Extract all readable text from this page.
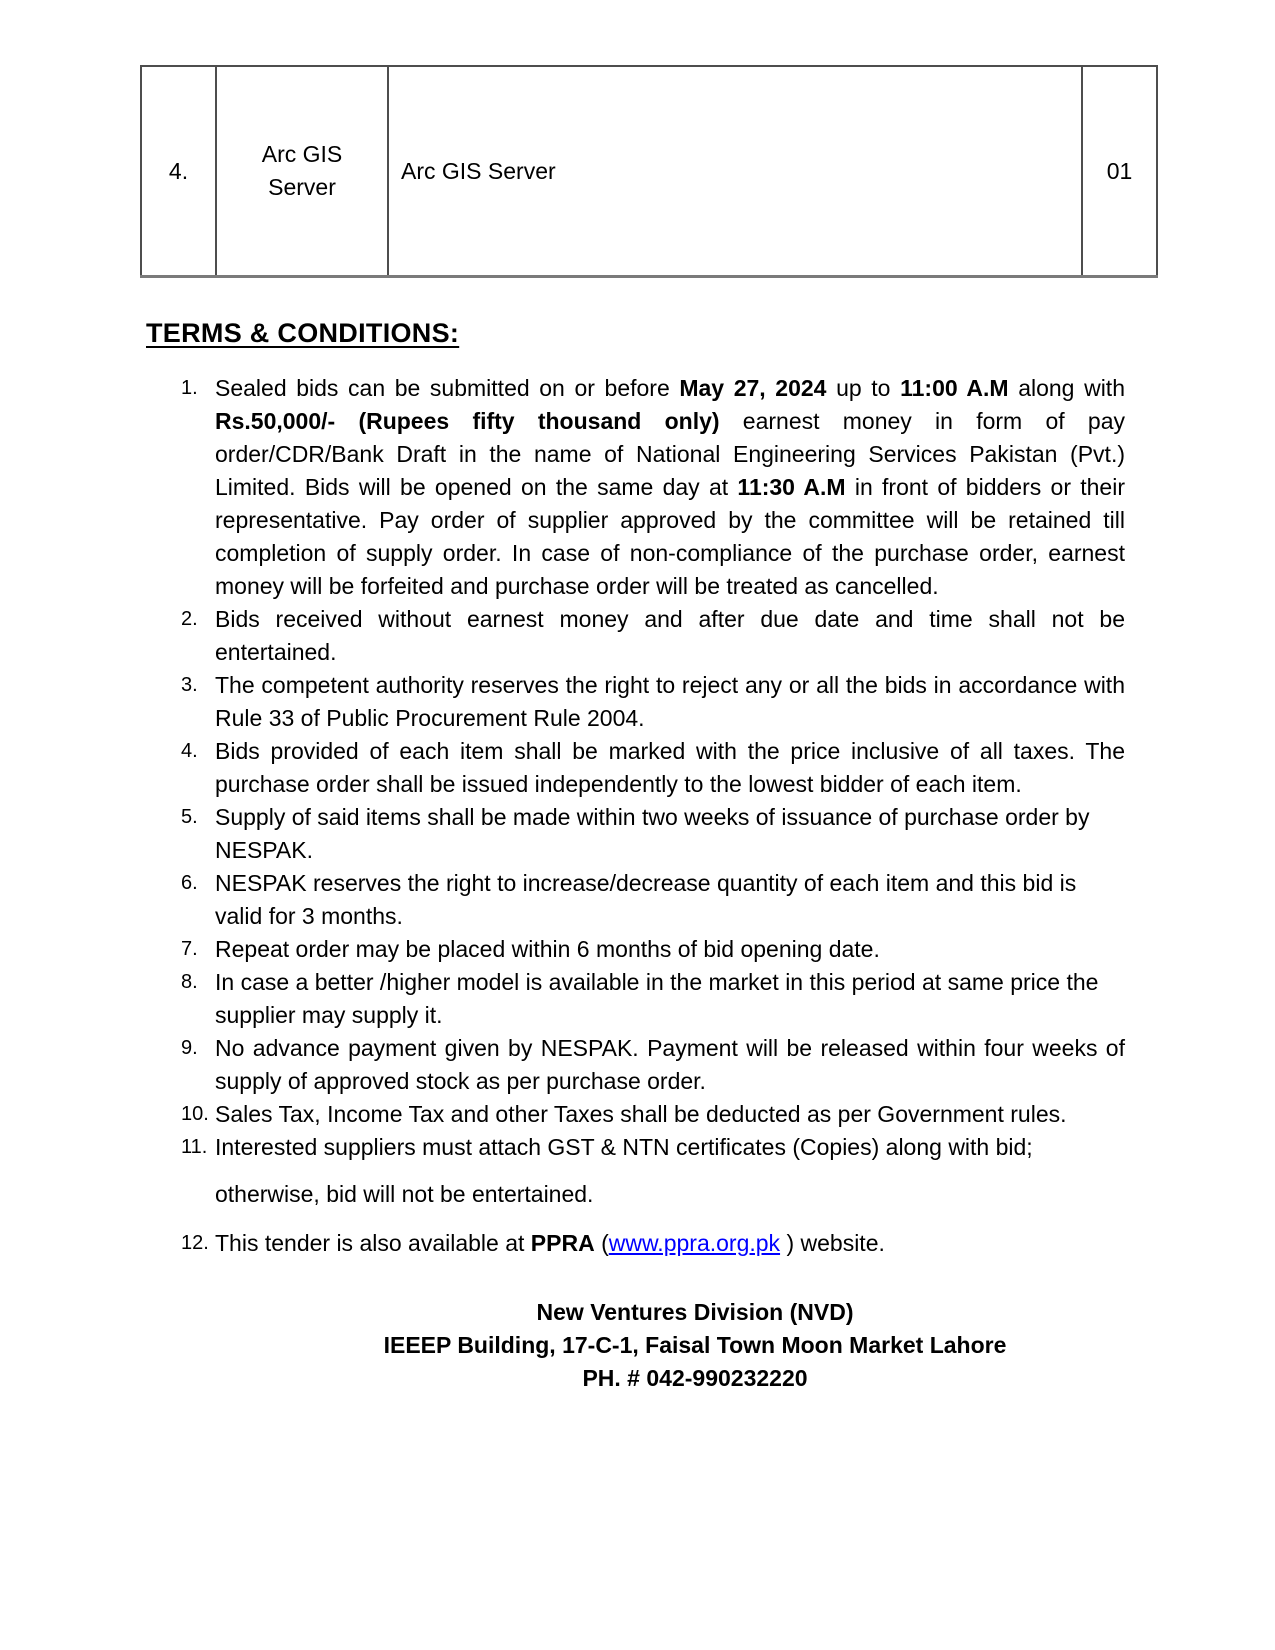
4.	Arc GIS Server	Arc GIS Server	01
TERMS & CONDITIONS:
1. Sealed bids can be submitted on or before May 27, 2024 up to 11:00 A.M along with Rs.50,000/- (Rupees fifty thousand only) earnest money in form of pay order/CDR/Bank Draft in the name of National Engineering Services Pakistan (Pvt.) Limited. Bids will be opened on the same day at 11:30 A.M in front of bidders or their representative. Pay order of supplier approved by the committee will be retained till completion of supply order. In case of non-compliance of the purchase order, earnest money will be forfeited and purchase order will be treated as cancelled.
2. Bids received without earnest money and after due date and time shall not be entertained.
3. The competent authority reserves the right to reject any or all the bids in accordance with Rule 33 of Public Procurement Rule 2004.
4. Bids provided of each item shall be marked with the price inclusive of all taxes. The purchase order shall be issued independently to the lowest bidder of each item.
5. Supply of said items shall be made within two weeks of issuance of purchase order by NESPAK.
6. NESPAK reserves the right to increase/decrease quantity of each item and this bid is valid for 3 months.
7. Repeat order may be placed within 6 months of bid opening date.
8. In case a better /higher model is available in the market in this period at same price the supplier may supply it.
9. No advance payment given by NESPAK. Payment will be released within four weeks of supply of approved stock as per purchase order.
10. Sales Tax, Income Tax and other Taxes shall be deducted as per Government rules.
11. Interested suppliers must attach GST & NTN certificates (Copies) along with bid;
otherwise, bid will not be entertained.
12. This tender is also available at PPRA (www.ppra.org.pk ) website.
New Ventures Division (NVD)
IEEEP Building, 17-C-1, Faisal Town Moon Market Lahore
PH. # 042-990232220
